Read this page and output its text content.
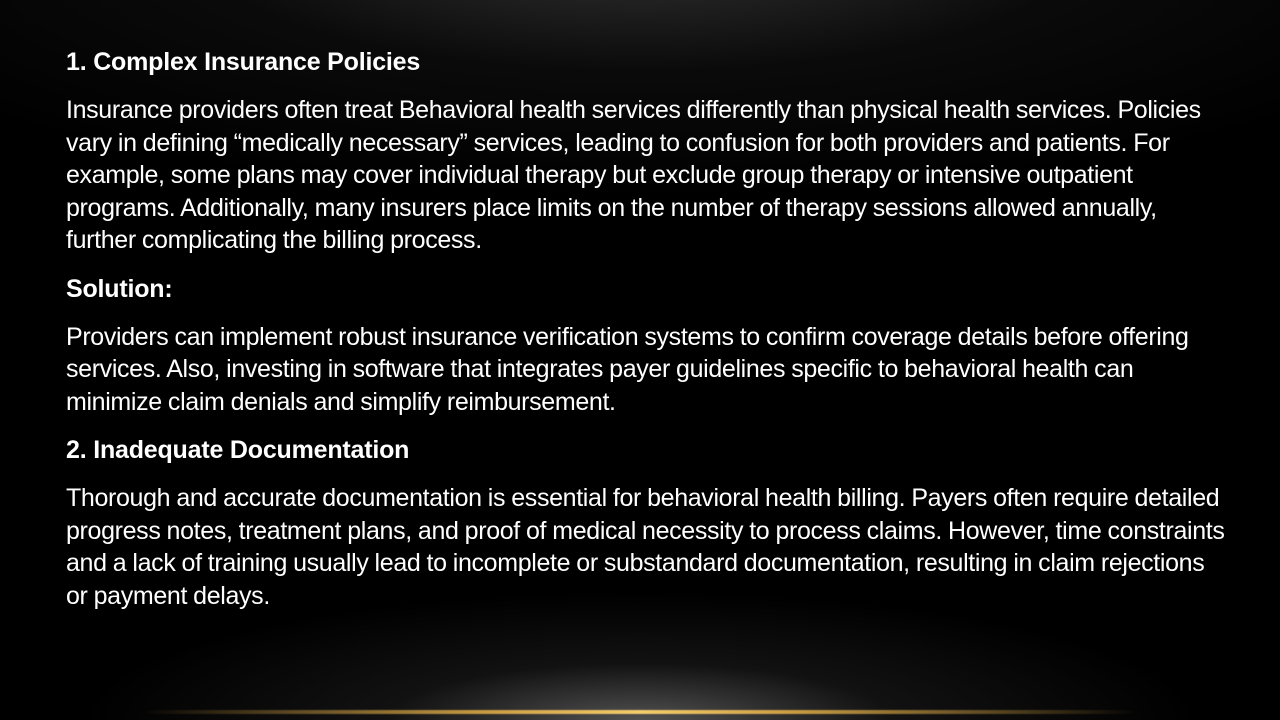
1. Complex Insurance Policies
Insurance providers often treat Behavioral health services differently than physical health services. Policies vary in defining “medically necessary” services, leading to confusion for both providers and patients. For example, some plans may cover individual therapy but exclude group therapy or intensive outpatient programs. Additionally, many insurers place limits on the number of therapy sessions allowed annually, further complicating the billing process.
Solution:
Providers can implement robust insurance verification systems to confirm coverage details before offering services. Also, investing in software that integrates payer guidelines specific to behavioral health can minimize claim denials and simplify reimbursement.
2. Inadequate Documentation
Thorough and accurate documentation is essential for behavioral health billing. Payers often require detailed progress notes, treatment plans, and proof of medical necessity to process claims. However, time constraints and a lack of training usually lead to incomplete or substandard documentation, resulting in claim rejections or payment delays.
